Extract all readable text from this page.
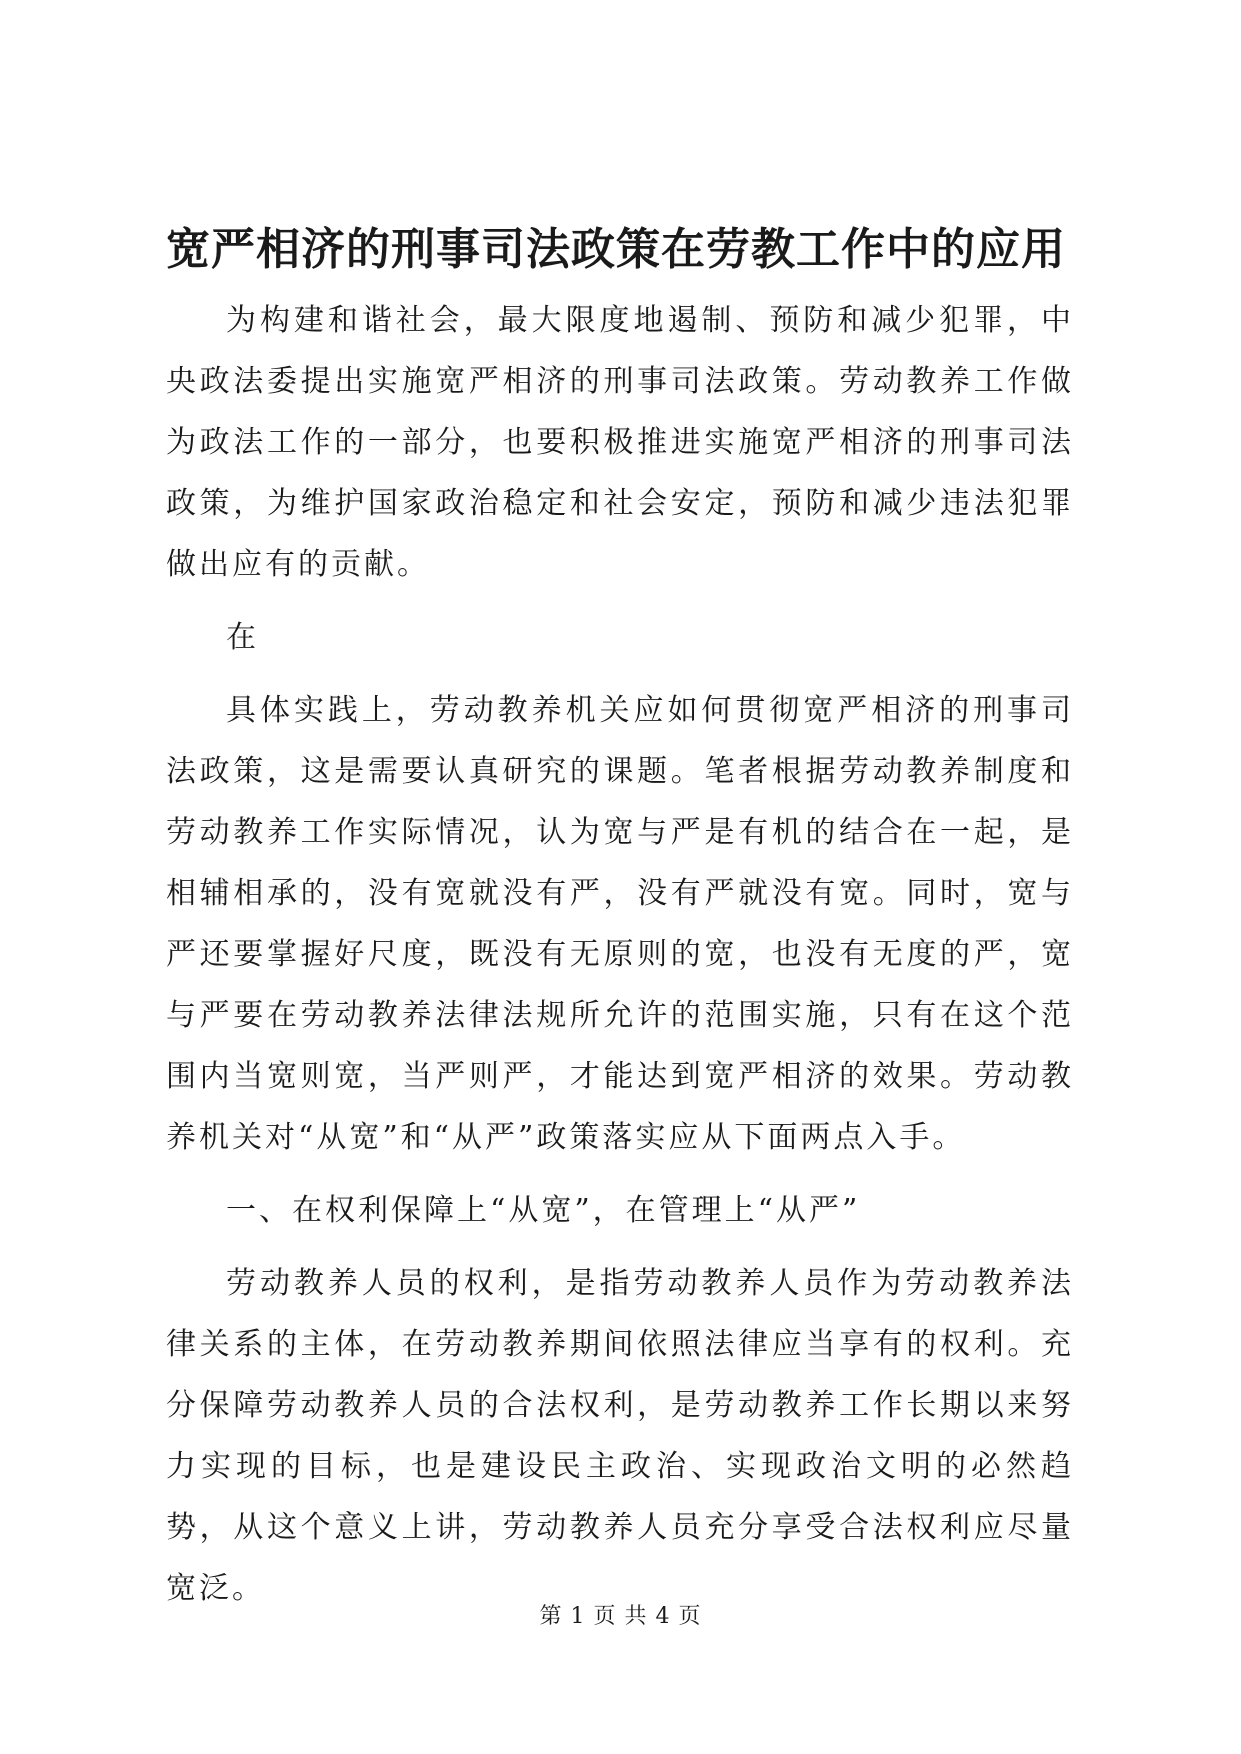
宽严相济的刑事司法政策在劳教工作中的应用

为构建和谐社会，最大限度地遏制、预防和减少犯罪，中央政法委提出实施宽严相济的刑事司法政策。劳动教养工作做为政法工作的一部分，也要积极推进实施宽严相济的刑事司法政策，为维护国家政治稳定和社会安定，预防和减少违法犯罪做出应有的贡献。

在

具体实践上，劳动教养机关应如何贯彻宽严相济的刑事司法政策，这是需要认真研究的课题。笔者根据劳动教养制度和劳动教养工作实际情况，认为宽与严是有机的结合在一起，是相辅相承的，没有宽就没有严，没有严就没有宽。同时，宽与严还要掌握好尺度，既没有无原则的宽，也没有无度的严，宽与严要在劳动教养法律法规所允许的范围实施，只有在这个范围内当宽则宽，当严则严，才能达到宽严相济的效果。劳动教养机关对“从宽”和“从严”政策落实应从下面两点入手。

一、在权利保障上“从宽”，在管理上“从严”

劳动教养人员的权利，是指劳动教养人员作为劳动教养法律关系的主体，在劳动教养期间依照法律应当享有的权利。充分保障劳动教养人员的合法权利，是劳动教养工作长期以来努力实现的目标，也是建设民主政治、实现政治文明的必然趋势，从这个意义上讲，劳动教养人员充分享受合法权利应尽量宽泛。

第 1 页 共 4 页
